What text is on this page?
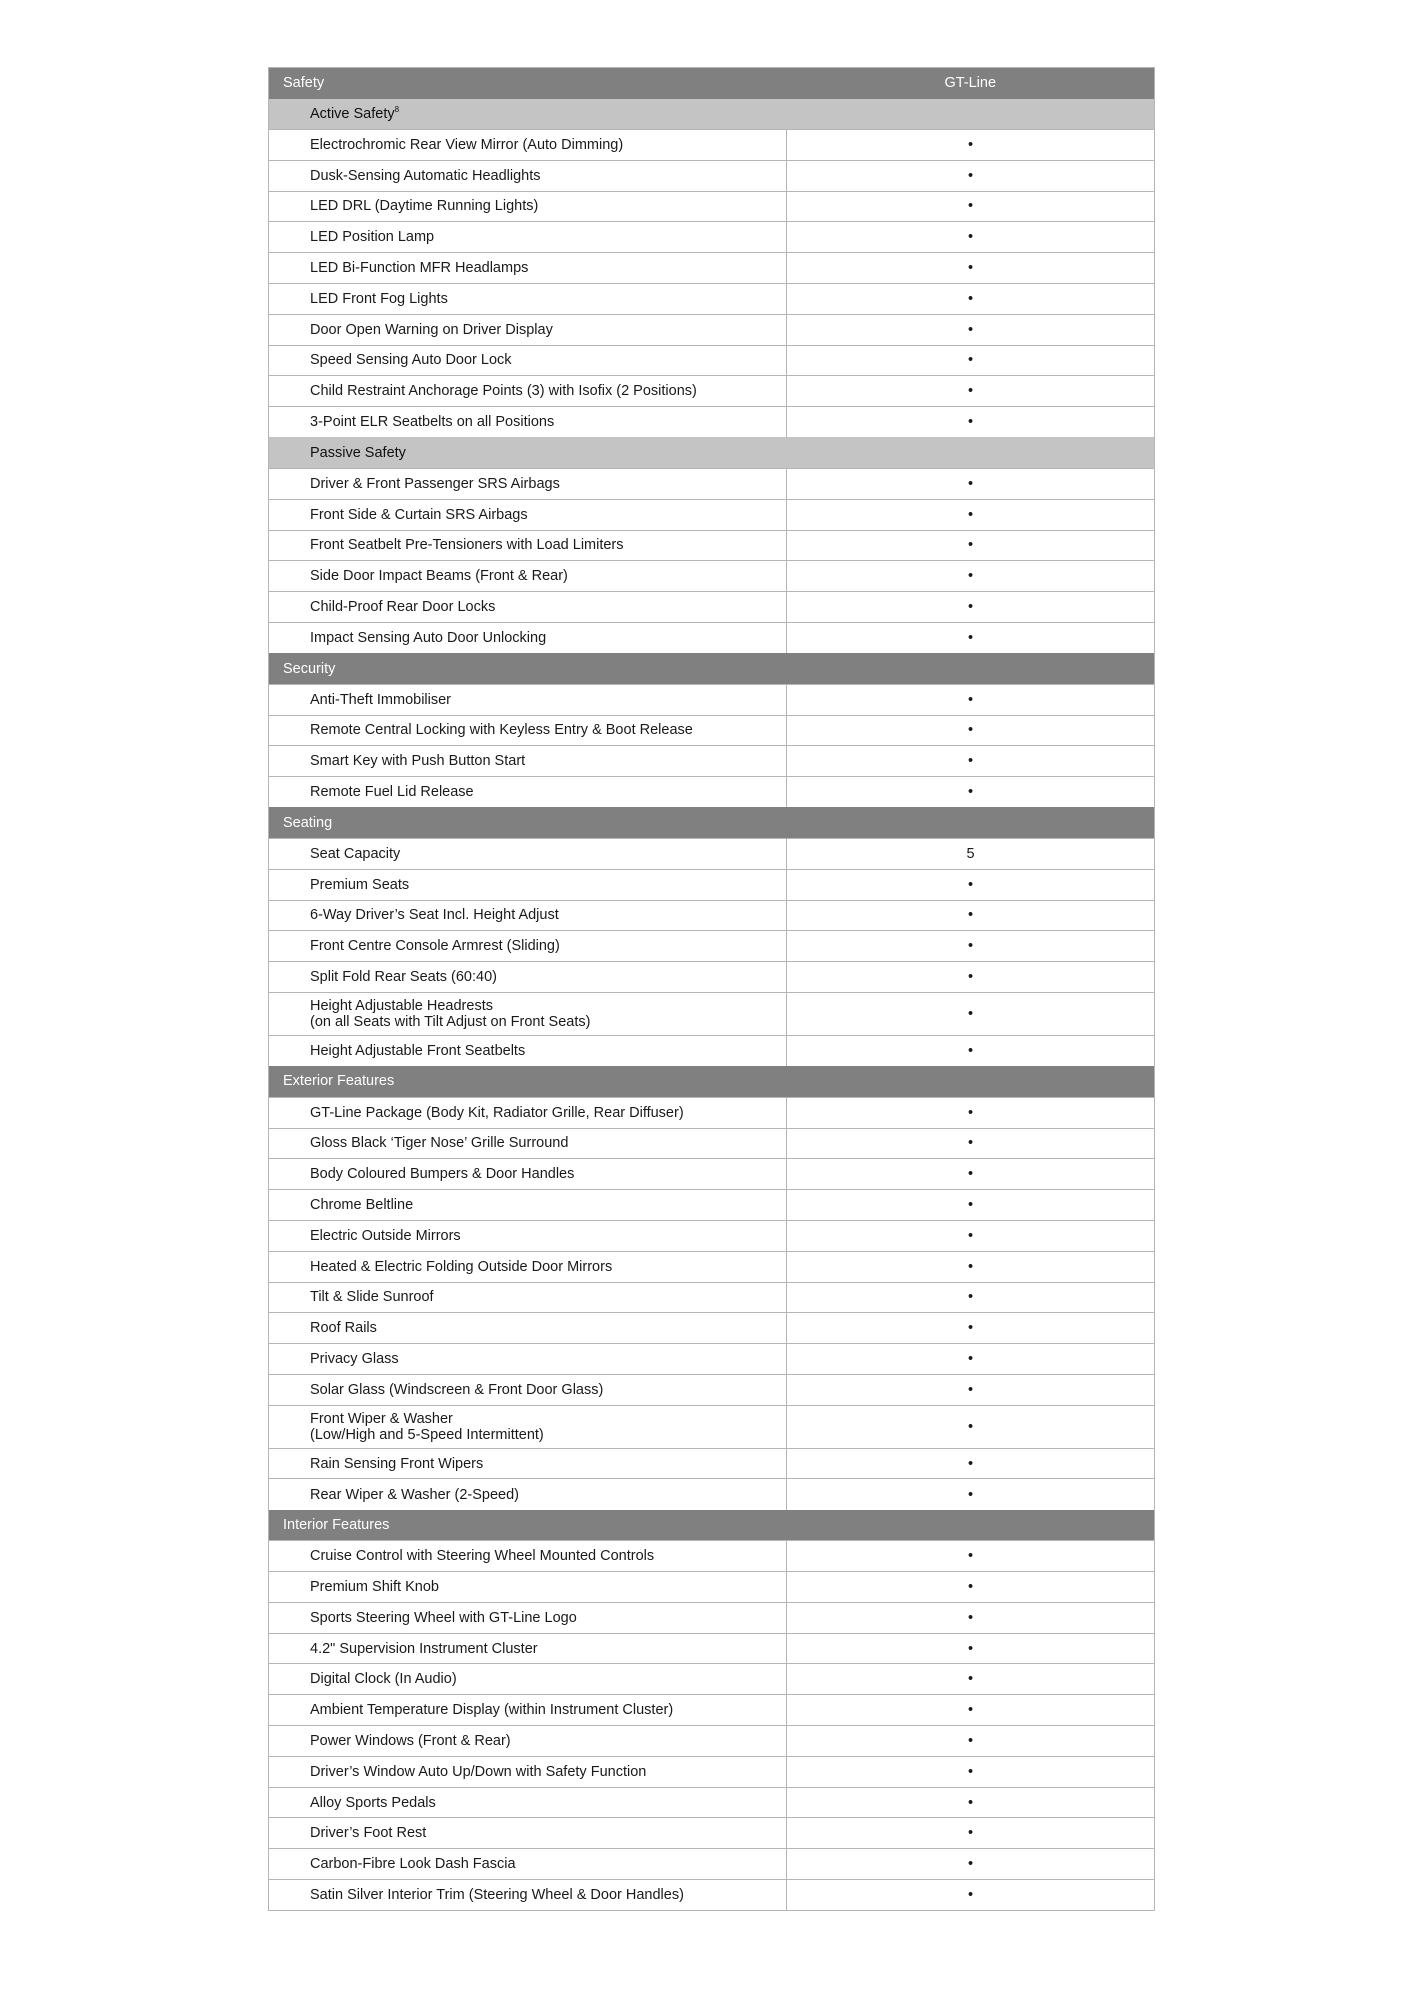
Safety	GT-Line
Active Safety$^8$
Electrochromic Rear View Mirror (Auto Dimming)	•
Dusk-Sensing Automatic Headlights	•
LED DRL (Daytime Running Lights)	•
LED Position Lamp	•
LED Bi-Function MFR Headlamps	•
LED Front Fog Lights	•
Door Open Warning on Driver Display	•
Speed Sensing Auto Door Lock	•
Child Restraint Anchorage Points (3) with Isofix (2 Positions)	•
3-Point ELR Seatbelts on all Positions	•
Passive Safety	
Driver & Front Passenger SRS Airbags	•
Front Side & Curtain SRS Airbags	•
Front Seatbelt Pre-Tensioners with Load Limiters	•
Side Door Impact Beams (Front & Rear)	•
Child-Proof Rear Door Locks	•
Impact Sensing Auto Door Unlocking	•
Security	
Anti-Theft Immobiliser	•
Remote Central Locking with Keyless Entry & Boot Release	•
Smart Key with Push Button Start	•
Remote Fuel Lid Release	•
Seating	
Seat Capacity	5
Premium Seats	•
6-Way Driver’s Seat Incl. Height Adjust	•
Front Centre Console Armrest (Sliding)	•
Split Fold Rear Seats (60:40)	•
Height Adjustable Headrests
(on all Seats with Tilt Adjust on Front Seats)	•
Height Adjustable Front Seatbelts	•
Exterior Features	
GT-Line Package (Body Kit, Radiator Grille, Rear Diffuser)	•
Gloss Black ‘Tiger Nose’ Grille Surround	•
Body Coloured Bumpers & Door Handles	•
Chrome Beltline	•
Electric Outside Mirrors	•
Heated & Electric Folding Outside Door Mirrors	•
Tilt & Slide Sunroof	•
Roof Rails	•
Privacy Glass	•
Solar Glass (Windscreen & Front Door Glass)	•
Front Wiper & Washer
(Low/High and 5-Speed Intermittent)	•
Rain Sensing Front Wipers	•
Rear Wiper & Washer (2-Speed)	•
Interior Features	
Cruise Control with Steering Wheel Mounted Controls	•
Premium Shift Knob	•
Sports Steering Wheel with GT-Line Logo	•
4.2" Supervision Instrument Cluster	•
Digital Clock (In Audio)	•
Ambient Temperature Display (within Instrument Cluster)	•
Power Windows (Front & Rear)	•
Driver’s Window Auto Up/Down with Safety Function	•
Alloy Sports Pedals	•
Driver’s Foot Rest	•
Carbon-Fibre Look Dash Fascia	•
Satin Silver Interior Trim (Steering Wheel & Door Handles)	•
